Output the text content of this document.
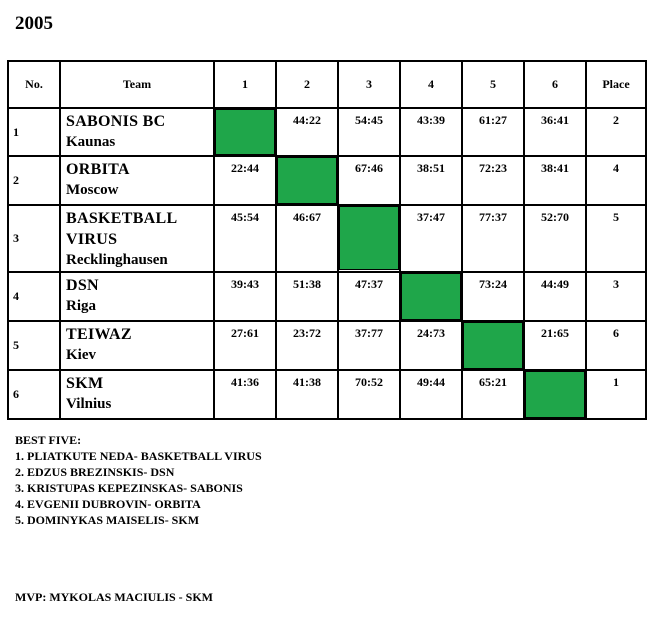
2005
No.	Team	1	2	3	4	5	6	Place
1	SABONIS BC
Kaunas		44:22	54:45	43:39	61:27	36:41	2
2	ORBITA
Moscow	22:44		67:46	38:51	72:23	38:41	4
3	BASKETBALL
VIRUS
Recklinghausen	45:54	46:67		37:47	77:37	52:70	5
4	DSN
Riga	39:43	51:38	47:37		73:24	44:49	3
5	TEIWAZ
Kiev	27:61	23:72	37:77	24:73		21:65	6
6	SKM
Vilnius	41:36	41:38	70:52	49:44	65:21		1
BEST FIVE:
1. PLIATKUTE NEDA- BASKETBALL VIRUS
2. EDZUS BREZINSKIS- DSN
3. KRISTUPAS KEPEZINSKAS- SABONIS
4. EVGENII DUBROVIN- ORBITA
5. DOMINYKAS MAISELIS- SKM
MVP: MYKOLAS MACIULIS - SKM
